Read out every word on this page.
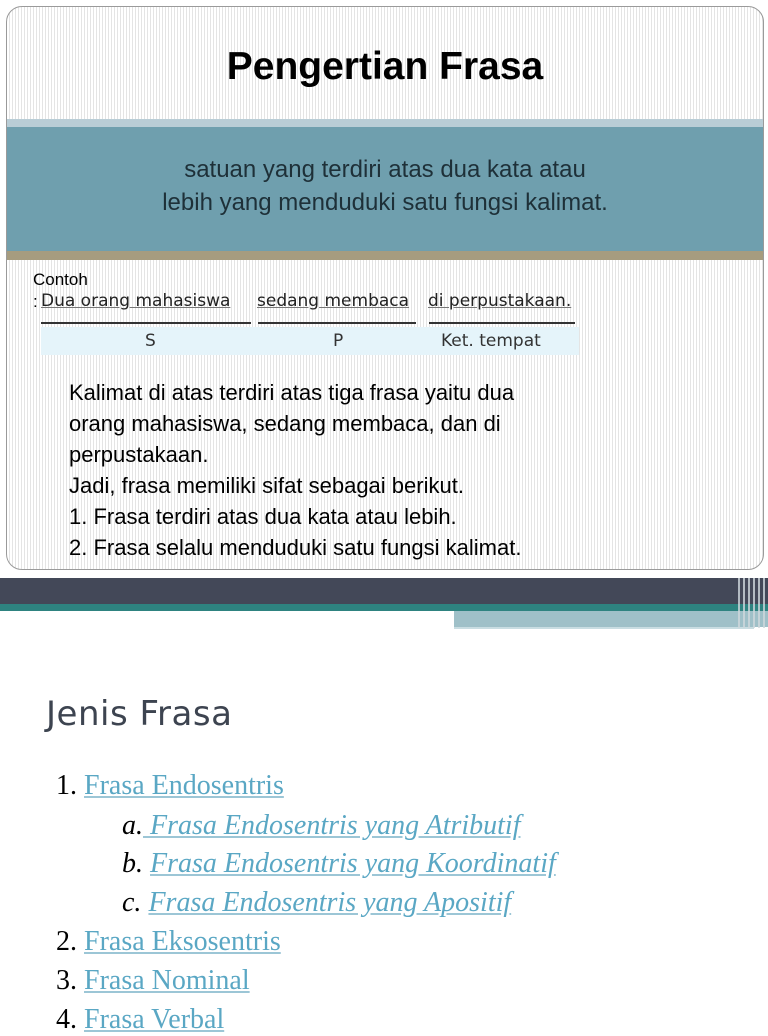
Pengertian Frasa
satuan yang terdiri atas dua kata atau
lebih yang menduduki satu fungsi kalimat.
Contoh
: Dua orang mahasiswa sedang membaca di perpustakaan.
S	P	Ket. tempat
Kalimat di atas terdiri atas tiga frasa yaitu dua
orang mahasiswa, sedang membaca, dan di
perpustakaan.
Jadi, frasa memiliki sifat sebagai berikut.
1. Frasa terdiri atas dua kata atau lebih.
2. Frasa selalu menduduki satu fungsi kalimat.
Jenis Frasa
1. Frasa Endosentris
a. Frasa Endosentris yang Atributif
b. Frasa Endosentris yang Koordinatif
c. Frasa Endosentris yang Apositif
2. Frasa Eksosentris
3. Frasa Nominal
4. Frasa Verbal
